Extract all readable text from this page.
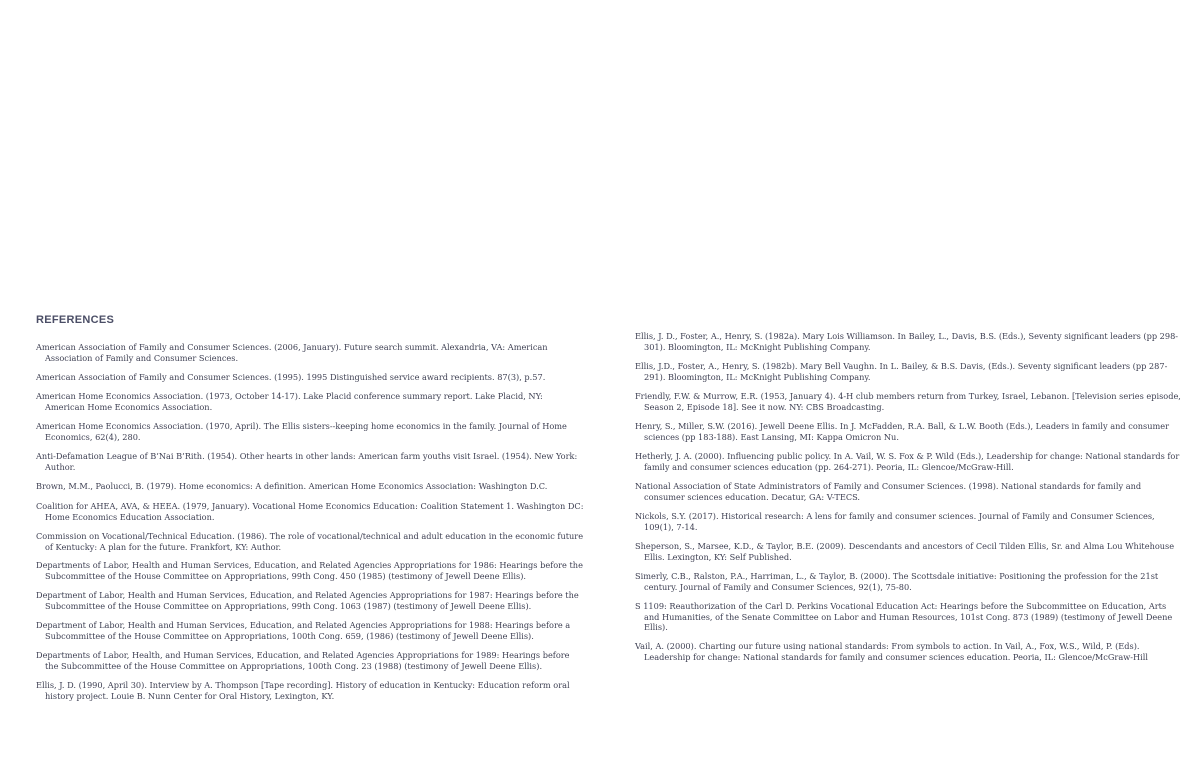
REFERENCES
American Association of Family and Consumer Sciences. (2006, January). Future search summit. Alexandria, VA: American Association of Family and Consumer Sciences.
American Association of Family and Consumer Sciences. (1995). 1995 Distinguished service award recipients. 87(3), p.57.
American Home Economics Association. (1973, October 14-17). Lake Placid conference summary report. Lake Placid, NY: American Home Economics Association.
American Home Economics Association. (1970, April). The Ellis sisters--keeping home economics in the family. Journal of Home Economics, 62(4), 280.
Anti-Defamation League of B’Nai B’Rith. (1954). Other hearts in other lands: American farm youths visit Israel. (1954). New York: Author.
Brown, M.M., Paolucci, B. (1979). Home economics: A definition. American Home Economics Association: Washington D.C.
Coalition for AHEA, AVA, & HEEA. (1979, January). Vocational Home Economics Education: Coalition Statement 1. Washington DC: Home Economics Education Association.
Commission on Vocational/Technical Education. (1986). The role of vocational/technical and adult education in the economic future of Kentucky: A plan for the future. Frankfort, KY: Author.
Departments of Labor, Health and Human Services, Education, and Related Agencies Appropriations for 1986: Hearings before the Subcommittee of the House Committee on Appropriations, 99th Cong. 450 (1985) (testimony of Jewell Deene Ellis).
Department of Labor, Health and Human Services, Education, and Related Agencies Appropriations for 1987: Hearings before the Subcommittee of the House Committee on Appropriations, 99th Cong. 1063 (1987) (testimony of Jewell Deene Ellis).
Department of Labor, Health and Human Services, Education, and Related Agencies Appropriations for 1988: Hearings before a Subcommittee of the House Committee on Appropriations, 100th Cong. 659, (1986) (testimony of Jewell Deene Ellis).
Departments of Labor, Health, and Human Services, Education, and Related Agencies Appropriations for 1989: Hearings before the Subcommittee of the House Committee on Appropriations, 100th Cong. 23 (1988) (testimony of Jewell Deene Ellis).
Ellis, J. D. (1990, April 30). Interview by A. Thompson [Tape recording]. History of education in Kentucky: Education reform oral history project. Louie B. Nunn Center for Oral History, Lexington, KY.
Ellis, J. D., Foster, A., Henry, S. (1982a). Mary Lois Williamson. In Bailey, L., Davis, B.S. (Eds.), Seventy significant leaders (pp 298-301). Bloomington, IL: McKnight Publishing Company.
Ellis, J.D., Foster, A., Henry, S. (1982b). Mary Bell Vaughn. In L. Bailey, & B.S. Davis, (Eds.). Seventy significant leaders (pp 287-291). Bloomington, IL: McKnight Publishing Company.
Friendly, F.W. & Murrow, E.R. (1953, January 4). 4-H club members return from Turkey, Israel, Lebanon. [Television series episode, Season 2, Episode 18]. See it now. NY: CBS Broadcasting.
Henry, S., Miller, S.W. (2016). Jewell Deene Ellis. In J. McFadden, R.A. Ball, & L.W. Booth (Eds.), Leaders in family and consumer sciences (pp 183-188). East Lansing, MI: Kappa Omicron Nu.
Hetherly, J. A. (2000). Influencing public policy. In A. Vail, W. S. Fox & P. Wild (Eds.), Leadership for change: National standards for family and consumer sciences education (pp. 264-271). Peoria, IL: Glencoe/McGraw-Hill.
National Association of State Administrators of Family and Consumer Sciences. (1998). National standards for family and consumer sciences education. Decatur, GA: V-TECS.
Nickols, S.Y. (2017). Historical research: A lens for family and consumer sciences. Journal of Family and Consumer Sciences, 109(1), 7-14.
Sheperson, S., Marsee, K.D., & Taylor, B.E. (2009). Descendants and ancestors of Cecil Tilden Ellis, Sr. and Alma Lou Whitehouse Ellis. Lexington, KY: Self Published.
Simerly, C.B., Ralston, P.A., Harriman, L., & Taylor, B. (2000). The Scottsdale initiative: Positioning the profession for the 21st century. Journal of Family and Consumer Sciences, 92(1), 75-80.
S 1109: Reauthorization of the Carl D. Perkins Vocational Education Act: Hearings before the Subcommittee on Education, Arts and Humanities, of the Senate Committee on Labor and Human Resources, 101st Cong. 873 (1989) (testimony of Jewell Deene Ellis).
Vail, A. (2000). Charting our future using national standards: From symbols to action. In Vail, A., Fox, W.S., Wild, P. (Eds). Leadership for change: National standards for family and consumer sciences education. Peoria, IL: Glencoe/McGraw-Hill
